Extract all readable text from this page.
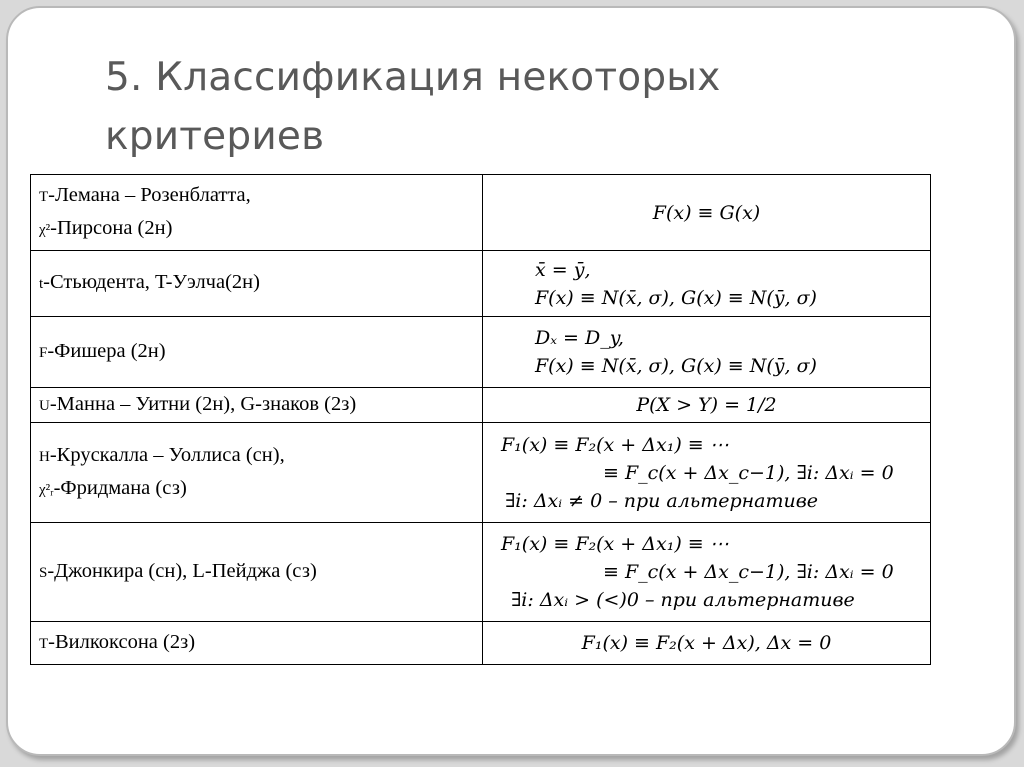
5. Классификация некоторых
критериев
T-Лемана – Розенблатта,
χ²-Пирсона (2н)	F(x) ≡ G(x)

t-Стьюдента, T-Уэлча(2н)	x̄ = ȳ,
F(x) ≡ N(x̄, σ), G(x) ≡ N(ȳ, σ)

F-Фишера (2н)	Dₓ = D_y,
F(x) ≡ N(x̄, σ), G(x) ≡ N(ȳ, σ)

U-Манна – Уитни (2н), G-знаков (2з)	P(X > Y) = 1/2

H-Крускалла – Уоллиса (сн),
χ²ᵣ-Фридмана (сз)	F₁(x) ≡ F₂(x + Δx₁) ≡ ⋯
≡ F_c(x + Δx_c−1), ∃i: Δxᵢ = 0
∃i: Δxᵢ ≠ 0 – при альтернативе

S-Джонкира (сн), L-Пейджа (сз)	F₁(x) ≡ F₂(x + Δx₁) ≡ ⋯
≡ F_c(x + Δx_c−1), ∃i: Δxᵢ = 0
∃i: Δxᵢ > (<)0 – при альтернативе

T-Вилкоксона (2з)	F₁(x) ≡ F₂(x + Δx), Δx = 0
